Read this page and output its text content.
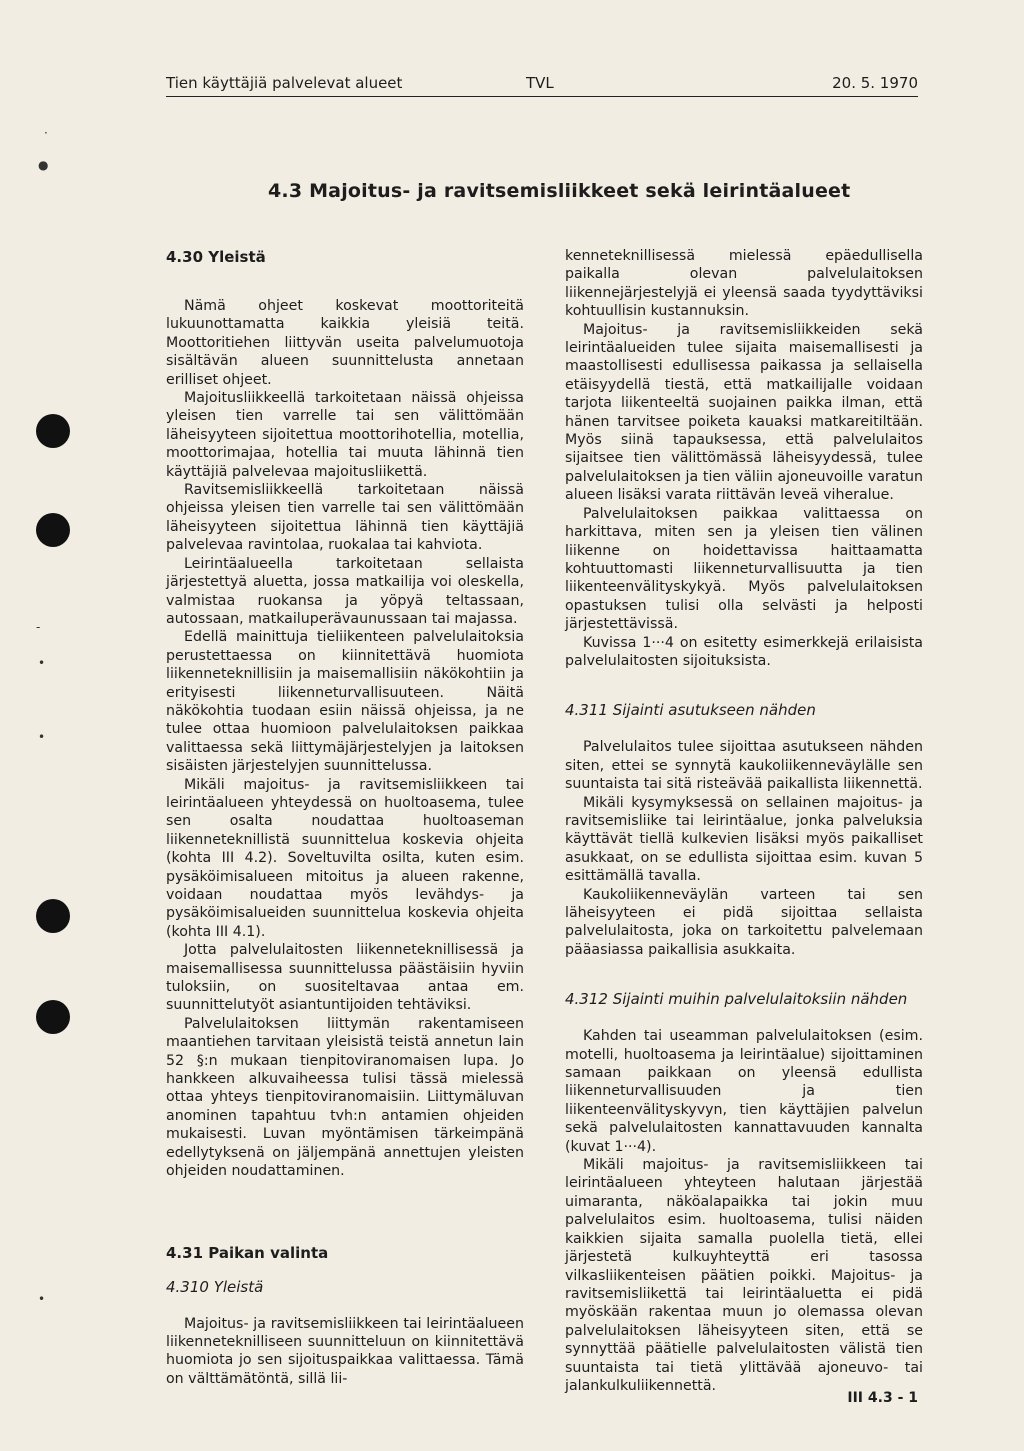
●
·
•
-
•
•
Tien käyttäjiä palvelevat alueet	TVL	20. 5. 1970
4.3 Majoitus- ja ravitsemisliikkeet sekä leirintäalueet
4.30 Yleistä

Nämä ohjeet koskevat moottoriteitä lukuunottamatta kaikkia yleisiä teitä. Moottoritiehen liittyvän useita palvelumuotoja sisältävän alueen suunnittelusta annetaan erilliset ohjeet.

Majoitusliikkeellä tarkoitetaan näissä ohjeissa yleisen tien varrelle tai sen välittömään läheisyyteen sijoitettua moottorihotellia, motellia, moottorimajaa, hotellia tai muuta lähinnä tien käyttäjiä palvelevaa majoitusliikettä.

Ravitsemisliikkeellä tarkoitetaan näissä ohjeissa yleisen tien varrelle tai sen välittömään läheisyyteen sijoitettua lähinnä tien käyttäjiä palvelevaa ravintolaa, ruokalaa tai kahviota.

Leirintäalueella tarkoitetaan sellaista järjestettyä aluetta, jossa matkailija voi oleskella, valmistaa ruokansa ja yöpyä teltassaan, autossaan, matkailuperävaunussaan tai majassa.

Edellä mainittuja tieliikenteen palvelulaitoksia perustettaessa on kiinnitettävä huomiota liikenneteknillisiin ja maisemallisiin näkökohtiin ja erityisesti liikenneturvallisuuteen. Näitä näkökohtia tuodaan esiin näissä ohjeissa, ja ne tulee ottaa huomioon palvelulaitoksen paikkaa valittaessa sekä liittymäjärjestelyjen ja laitoksen sisäisten järjestelyjen suunnittelussa.

Mikäli majoitus- ja ravitsemisliikkeen tai leirintäalueen yhteydessä on huoltoasema, tulee sen osalta noudattaa huoltoaseman liikenneteknillistä suunnittelua koskevia ohjeita (kohta III 4.2). Soveltuvilta osilta, kuten esim. pysäköimisalueen mitoitus ja alueen rakenne, voidaan noudattaa myös levähdys- ja pysäköimisalueiden suunnittelua koskevia ohjeita (kohta III 4.1).

Jotta palvelulaitosten liikenneteknillisessä ja maisemallisessa suunnittelussa päästäisiin hyviin tuloksiin, on suositeltavaa antaa em. suunnittelutyöt asiantuntijoiden tehtäviksi.

Palvelulaitoksen liittymän rakentamiseen maantiehen tarvitaan yleisistä teistä annetun lain 52 §:n mukaan tienpitoviranomaisen lupa. Jo hankkeen alkuvaiheessa tulisi tässä mielessä ottaa yhteys tienpitoviranomaisiin. Liittymäluvan anominen tapahtuu tvh:n antamien ohjeiden mukaisesti. Luvan myöntämisen tärkeimpänä edellytyksenä on jäljempänä annettujen yleisten ohjeiden noudattaminen.

4.31 Paikan valinta
4.310 Yleistä

Majoitus- ja ravitsemisliikkeen tai leirintäalueen liikenneteknilliseen suunnitteluun on kiinnitettävä huomiota jo sen sijoituspaikkaa valittaessa. Tämä on välttämätöntä, sillä lii-

kenneteknillisessä mielessä epäedullisella paikalla olevan palvelulaitoksen liikennejärjestelyjä ei yleensä saada tyydyttäviksi kohtuullisin kustannuksin.

Majoitus- ja ravitsemisliikkeiden sekä leirintäalueiden tulee sijaita maisemallisesti ja maastollisesti edullisessa paikassa ja sellaisella etäisyydellä tiestä, että matkailijalle voidaan tarjota liikenteeltä suojainen paikka ilman, että hänen tarvitsee poiketa kauaksi matkareitiltään. Myös siinä tapauksessa, että palvelulaitos sijaitsee tien välittömässä läheisyydessä, tulee palvelulaitoksen ja tien väliin ajoneuvoille varatun alueen lisäksi varata riittävän leveä viheralue.

Palvelulaitoksen paikkaa valittaessa on harkittava, miten sen ja yleisen tien välinen liikenne on hoidettavissa haittaamatta kohtuuttomasti liikenneturvallisuutta ja tien liikenteenvälityskykyä. Myös palvelulaitoksen opastuksen tulisi olla selvästi ja helposti järjestettävissä.

Kuvissa 1···4 on esitetty esimerkkejä erilaisista palvelulaitosten sijoituksista.

4.311 Sijainti asutukseen nähden

Palvelulaitos tulee sijoittaa asutukseen nähden siten, ettei se synnytä kaukoliikenneväylälle sen suuntaista tai sitä risteävää paikallista liikennettä.

Mikäli kysymyksessä on sellainen majoitus- ja ravitsemisliike tai leirintäalue, jonka palveluksia käyttävät tiellä kulkevien lisäksi myös paikalliset asukkaat, on se edullista sijoittaa esim. kuvan 5 esittämällä tavalla.

Kaukoliikenneväylän varteen tai sen läheisyyteen ei pidä sijoittaa sellaista palvelulaitosta, joka on tarkoitettu palvelemaan pääasiassa paikallisia asukkaita.

4.312 Sijainti muihin palvelulaitoksiin nähden

Kahden tai useamman palvelulaitoksen (esim. motelli, huoltoasema ja leirintäalue) sijoittaminen samaan paikkaan on yleensä edullista liikenneturvallisuuden ja tien liikenteenvälityskyvyn, tien käyttäjien palvelun sekä palvelulaitosten kannattavuuden kannalta (kuvat 1···4).

Mikäli majoitus- ja ravitsemisliikkeen tai leirintäalueen yhteyteen halutaan järjestää uimaranta, näköalapaikka tai jokin muu palvelulaitos esim. huoltoasema, tulisi näiden kaikkien sijaita samalla puolella tietä, ellei järjestetä kulkuyhteyttä eri tasossa vilkasliikenteisen päätien poikki. Majoitus- ja ravitsemisliikettä tai leirintäaluetta ei pidä myöskään rakentaa muun jo olemassa olevan palvelulaitoksen läheisyyteen siten, että se synnyttää päätielle palvelulaitosten välistä tien suuntaista tai tietä ylittävää ajoneuvo- tai jalankulkuliikennettä.

III 4.3 - 1
